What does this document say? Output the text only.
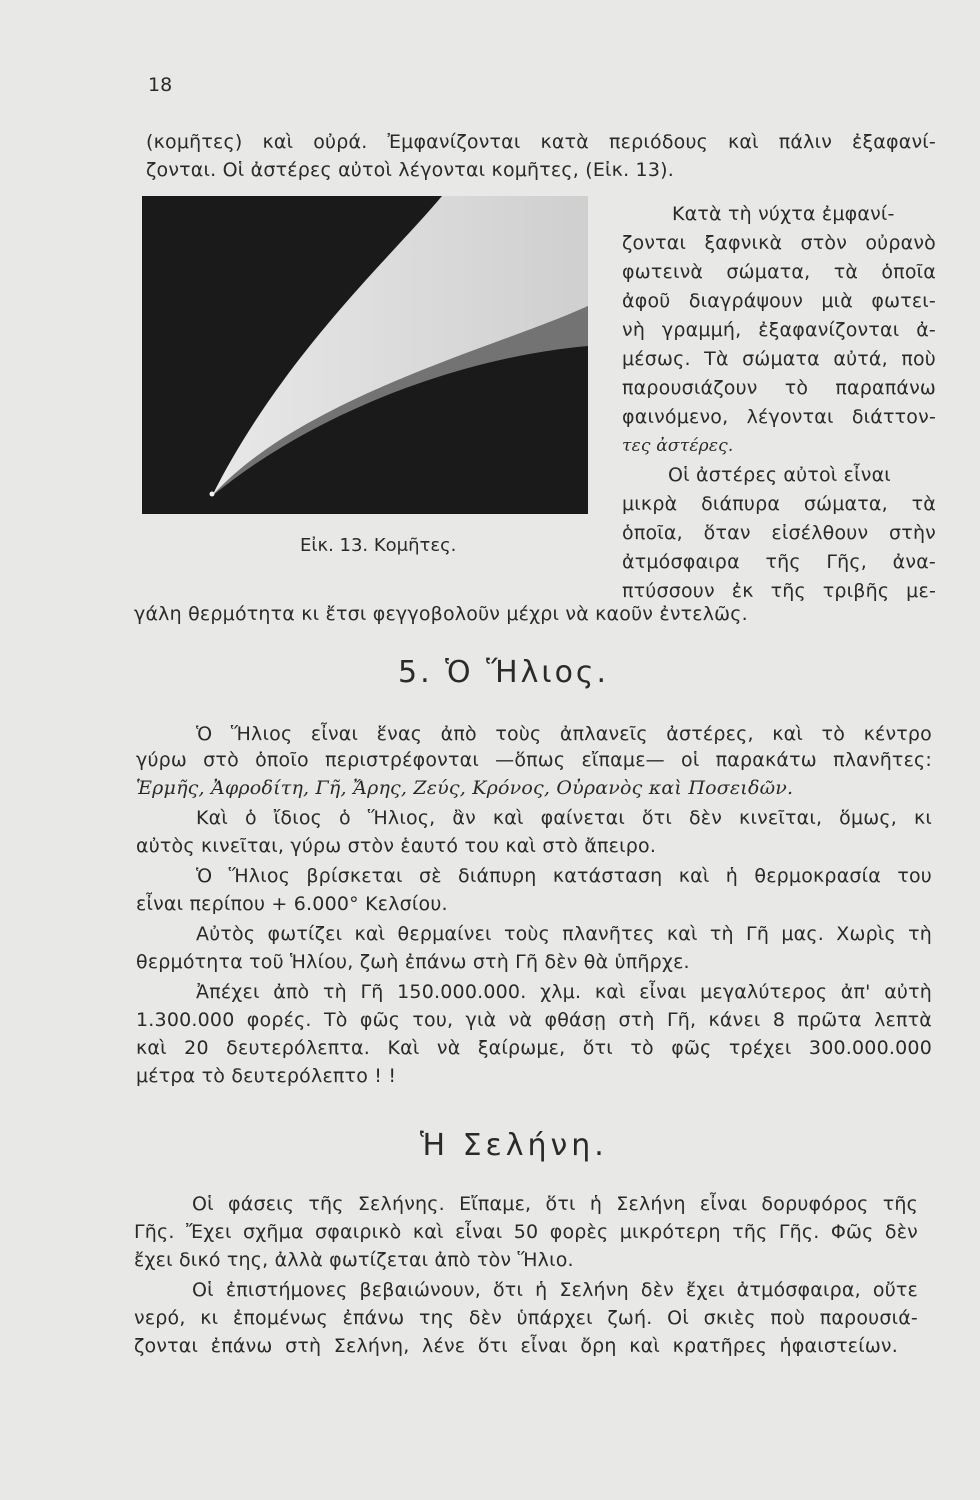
18
(κομῆτες) καὶ οὐρά. Ἐμφανίζονται κατὰ περιόδους καὶ πάλιν ἐξαφανί-
ζονται. Οἱ ἀστέρες αὐτοὶ λέγονται κομῆτες, (Εἰκ. 13).
Κατὰ τὴ νύχτα ἐμφανί-
ζονται ξαφνικὰ στὸν οὐρανὸ
φωτεινὰ σώματα, τὰ ὁποῖα
ἀφοῦ διαγράψουν μιὰ φωτει-
νὴ γραμμή, ἐξαφανίζονται ἀ-
μέσως. Τὰ σώματα αὐτά, ποὺ
παρουσιάζουν τὸ παραπάνω
φαινόμενο, λέγονται διάττον-
τες ἀστέρες.
Οἱ ἀστέρες αὐτοὶ εἶναι
μικρὰ διάπυρα σώματα, τὰ
ὁποῖα, ὅταν εἰσέλθουν στὴν
ἀτμόσφαιρα τῆς Γῆς, ἀνα-
πτύσσουν ἐκ τῆς τριβῆς με-
Εἰκ. 13. Κομῆτες.
γάλη θερμότητα κι ἔτσι φεγγοβολοῦν μέχρι νὰ καοῦν ἐντελῶς.
5. Ὁ Ἥλιος.
Ὁ Ἥλιος εἶναι ἕνας ἀπὸ τοὺς ἀπλανεῖς ἀστέρες, καὶ τὸ κέντρο
γύρω στὸ ὁποῖο περιστρέφονται —ὅπως εἴπαμε— οἱ παρακάτω πλανῆτες:
Ἑρμῆς, Ἀφροδίτη, Γῆ, Ἄρης, Ζεύς, Κρόνος, Οὐρανὸς καὶ Ποσειδῶν.
Καὶ ὁ ἴδιος ὁ Ἥλιος, ἂν καὶ φαίνεται ὅτι δὲν κινεῖται, ὅμως, κι
αὐτὸς κινεῖται, γύρω στὸν ἑαυτό του καὶ στὸ ἄπειρο.
Ὁ Ἥλιος βρίσκεται σὲ διάπυρη κατάσταση καὶ ἡ θερμοκρασία του
εἶναι περίπου + 6.000° Κελσίου.
Αὐτὸς φωτίζει καὶ θερμαίνει τοὺς πλανῆτες καὶ τὴ Γῆ μας. Χωρὶς τὴ
θερμότητα τοῦ Ἡλίου, ζωὴ ἐπάνω στὴ Γῆ δὲν θὰ ὑπῆρχε.
Ἀπέχει ἀπὸ τὴ Γῆ 150.000.000. χλμ. καὶ εἶναι μεγαλύτερος ἀπ' αὐτὴ
1.300.000 φορές. Τὸ φῶς του, γιὰ νὰ φθάσῃ στὴ Γῆ, κάνει 8 πρῶτα λεπτὰ
καὶ 20 δευτερόλεπτα. Καὶ νὰ ξαίρωμε, ὅτι τὸ φῶς τρέχει 300.000.000
μέτρα τὸ δευτερόλεπτο ! !
Ἡ Σελήνη.
Οἱ φάσεις τῆς Σελήνης. Εἴπαμε, ὅτι ἡ Σελήνη εἶναι δορυφόρος τῆς
Γῆς. Ἔχει σχῆμα σφαιρικὸ καὶ εἶναι 50 φορὲς μικρότερη τῆς Γῆς. Φῶς δὲν
ἔχει δικό της, ἀλλὰ φωτίζεται ἀπὸ τὸν Ἥλιο.
Οἱ ἐπιστήμονες βεβαιώνουν, ὅτι ἡ Σελήνη δὲν ἔχει ἀτμόσφαιρα, οὔτε
νερό, κι ἐπομένως ἐπάνω της δὲν ὑπάρχει ζωή. Οἱ σκιὲς ποὺ παρουσιά-
ζονται ἐπάνω στὴ Σελήνη, λένε ὅτι εἶναι ὄρη καὶ κρατῆρες ἡφαιστείων.
